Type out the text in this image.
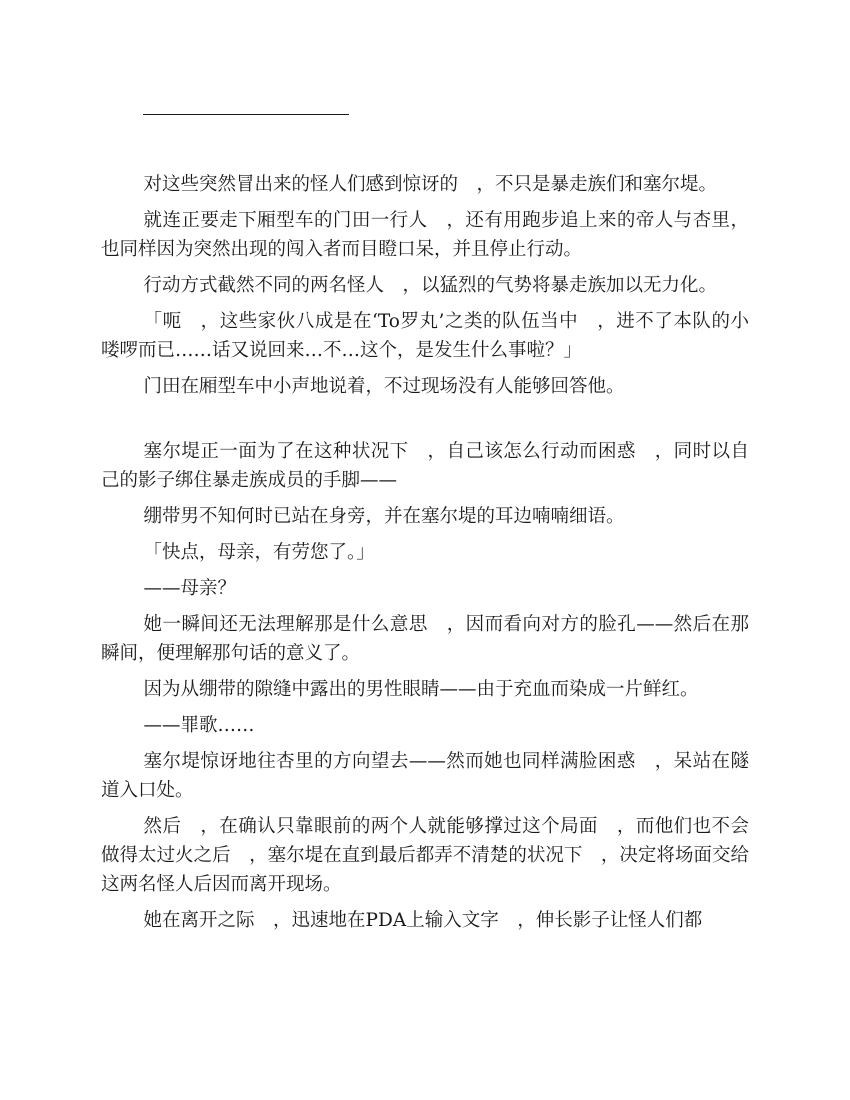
对这些突然冒出来的怪人们感到惊讶的　，不只是暴走族们和塞尔堤。

就连正要走下厢型车的门田一行人　，还有用跑步追上来的帝人与杏里，也同样因为突然出现的闯入者而目瞪口呆，并且停止行动。

行动方式截然不同的两名怪人　，以猛烈的气势将暴走族加以无力化。

「呃　，这些家伙八成是在‘To罗丸’之类的队伍当中　，进不了本队的小喽啰而已……话又说回来…不…这个，是发生什么事啦？」

门田在厢型车中小声地说着，不过现场没有人能够回答他。

塞尔堤正一面为了在这种状况下　，自己该怎么行动而困惑　，同时以自己的影子绑住暴走族成员的手脚——

绷带男不知何时已站在身旁，并在塞尔堤的耳边喃喃细语。

「快点，母亲，有劳您了。」

——母亲？

她一瞬间还无法理解那是什么意思　，因而看向对方的脸孔——然后在那瞬间，便理解那句话的意义了。

因为从绷带的隙缝中露出的男性眼睛——由于充血而染成一片鲜红。

——罪歌……

塞尔堤惊讶地往杏里的方向望去——然而她也同样满脸困惑　，呆站在隧道入口处。

然后　，在确认只靠眼前的两个人就能够撑过这个局面　，而他们也不会做得太过火之后　，塞尔堤在直到最后都弄不清楚的状况下　，决定将场面交给这两名怪人后因而离开现场。

她在离开之际　，迅速地在PDA上输入文字　，伸长影子让怪人们都
